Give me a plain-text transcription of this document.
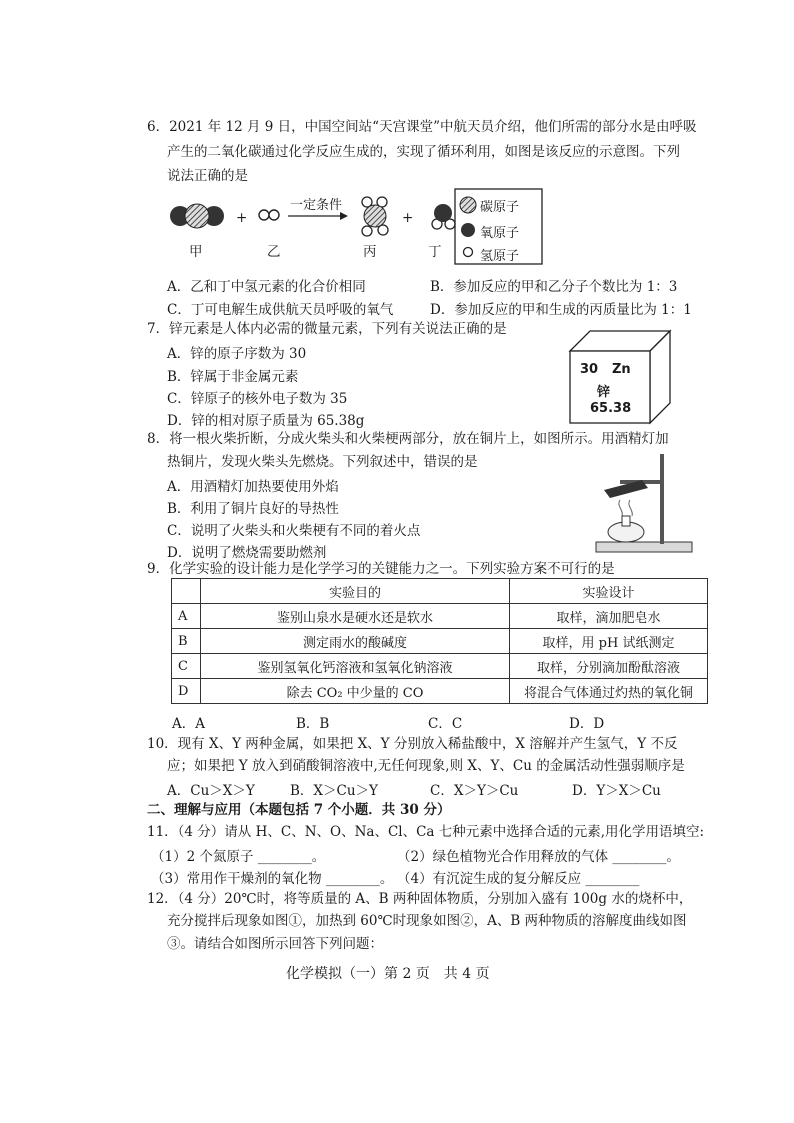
6．2021 年 12 月 9 日，中国空间站“天宫课堂”中航天员介绍，他们所需的部分水是由呼吸
产生的二氧化碳通过化学反应生成的，实现了循环利用，如图是该反应的示意图。下列
说法正确的是
+	+
一定条件
甲	乙	丙	丁
碳原子
氧原子
氢原子
A．乙和丁中氢元素的化合价相同	B．参加反应的甲和乙分子个数比为 1：3
C．丁可电解生成供航天员呼吸的氧气	D．参加反应的甲和生成的丙质量比为 1：1
7．锌元素是人体内必需的微量元素，下列有关说法正确的是
A．锌的原子序数为 30
B．锌属于非金属元素
C．锌原子的核外电子数为 35
D．锌的相对原子质量为 65.38g
30 Zn
锌
65.38
8．将一根火柴折断，分成火柴头和火柴梗两部分，放在铜片上，如图所示。用酒精灯加
热铜片，发现火柴头先燃烧。下列叙述中，错误的是
A．用酒精灯加热要使用外焰
B．利用了铜片良好的导热性
C．说明了火柴头和火柴梗有不同的着火点
D．说明了燃烧需要助燃剂
9．化学实验的设计能力是化学学习的关键能力之一。下列实验方案不可行的是
	实验目的	实验设计
A	鉴别山泉水是硬水还是软水	取样，滴加肥皂水
B	测定雨水的酸碱度	取样，用 pH 试纸测定
C	鉴别氢氧化钙溶液和氢氧化钠溶液	取样，分别滴加酚酞溶液
D	除去 CO₂ 中少量的 CO	将混合气体通过灼热的氧化铜
A．A	B．B	C．C	D．D
10．现有 X、Y 两种金属，如果把 X、Y 分别放入稀盐酸中，X 溶解并产生氢气，Y 不反
应；如果把 Y 放入到硝酸铜溶液中,无任何现象,则 X、Y、Cu 的金属活动性强弱顺序是
A．Cu＞X＞Y	B．X＞Cu＞Y	C．X＞Y＞Cu	D．Y＞X＞Cu
二、理解与应用（本题包括 7 个小题．共 30 分）
11．（4 分）请从 H、C、N、O、Na、Cl、Ca 七种元素中选择合适的元素,用化学用语填空:
（1）2 个氮原子 ________。	（2）绿色植物光合作用释放的气体 ________。
（3）常用作干燥剂的氧化物 ________。 （4）有沉淀生成的复分解反应 ________
12．（4 分）20℃时，将等质量的 A、B 两种固体物质，分别加入盛有 100g 水的烧杯中，
充分搅拌后现象如图①，加热到 60℃时现象如图②，A、B 两种物质的溶解度曲线如图
③。请结合如图所示回答下列问题：
化学模拟（一）第 2 页　共 4 页
